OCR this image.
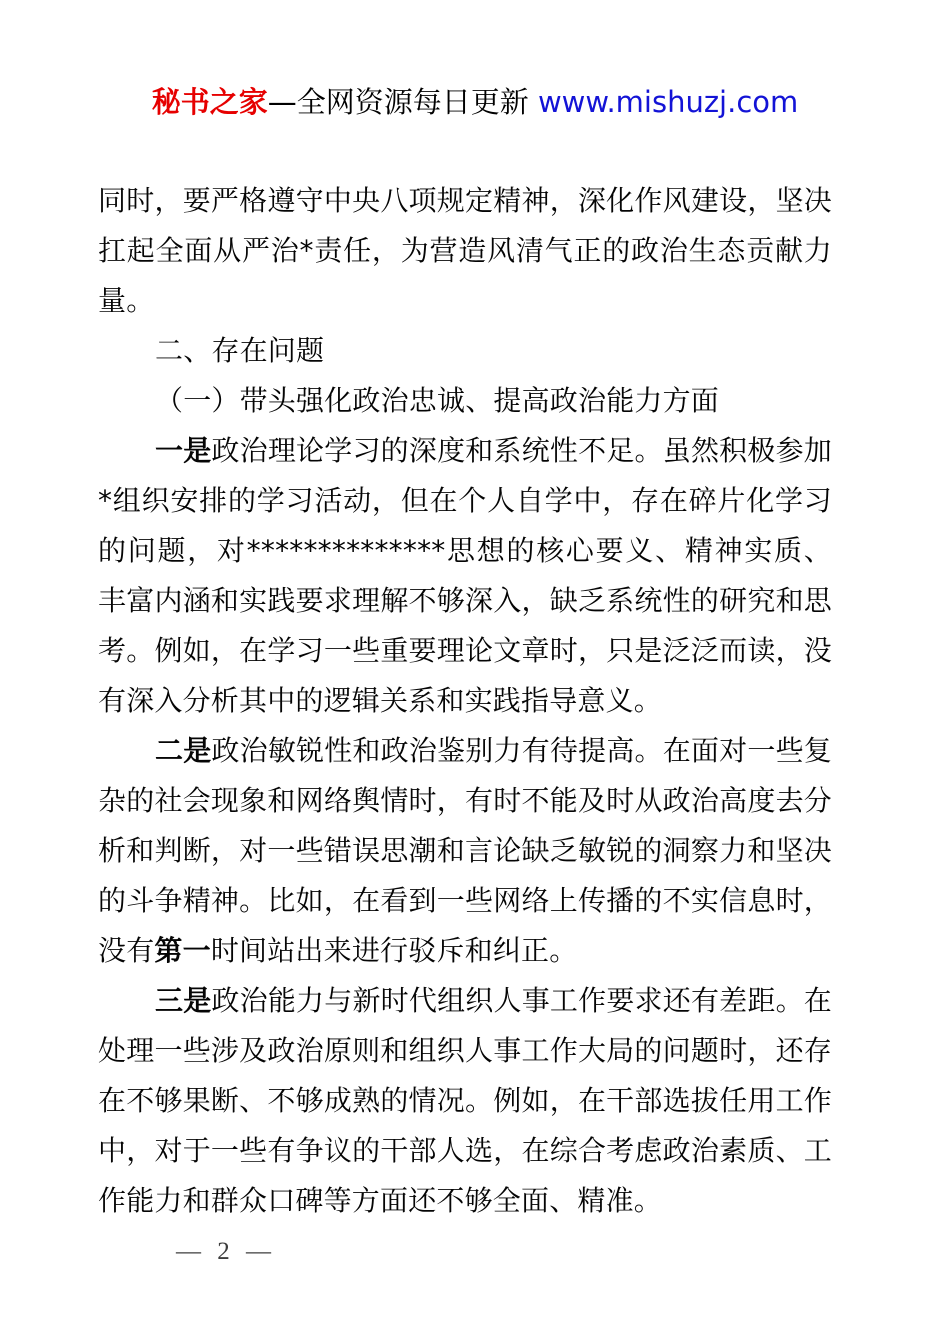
秘书之家—全网资源每日更新 www.mishuzj.com

同时，要严格遵守中央八项规定精神，深化作风建设，坚决扛起全面从严治*责任，为营造风清气正的政治生态贡献力量。

二、存在问题

（一）带头强化政治忠诚、提高政治能力方面

一是政治理论学习的深度和系统性不足。虽然积极参加*组织安排的学习活动，但在个人自学中，存在碎片化学习的问题，对**************思想的核心要义、精神实质、丰富内涵和实践要求理解不够深入，缺乏系统性的研究和思考。例如，在学习一些重要理论文章时，只是泛泛而读，没有深入分析其中的逻辑关系和实践指导意义。

二是政治敏锐性和政治鉴别力有待提高。在面对一些复杂的社会现象和网络舆情时，有时不能及时从政治高度去分析和判断，对一些错误思潮和言论缺乏敏锐的洞察力和坚决的斗争精神。比如，在看到一些网络上传播的不实信息时，没有第一时间站出来进行驳斥和纠正。

三是政治能力与新时代组织人事工作要求还有差距。在处理一些涉及政治原则和组织人事工作大局的问题时，还存在不够果断、不够成熟的情况。例如，在干部选拔任用工作中，对于一些有争议的干部人选，在综合考虑政治素质、工作能力和群众口碑等方面还不够全面、精准。

— 2 —
